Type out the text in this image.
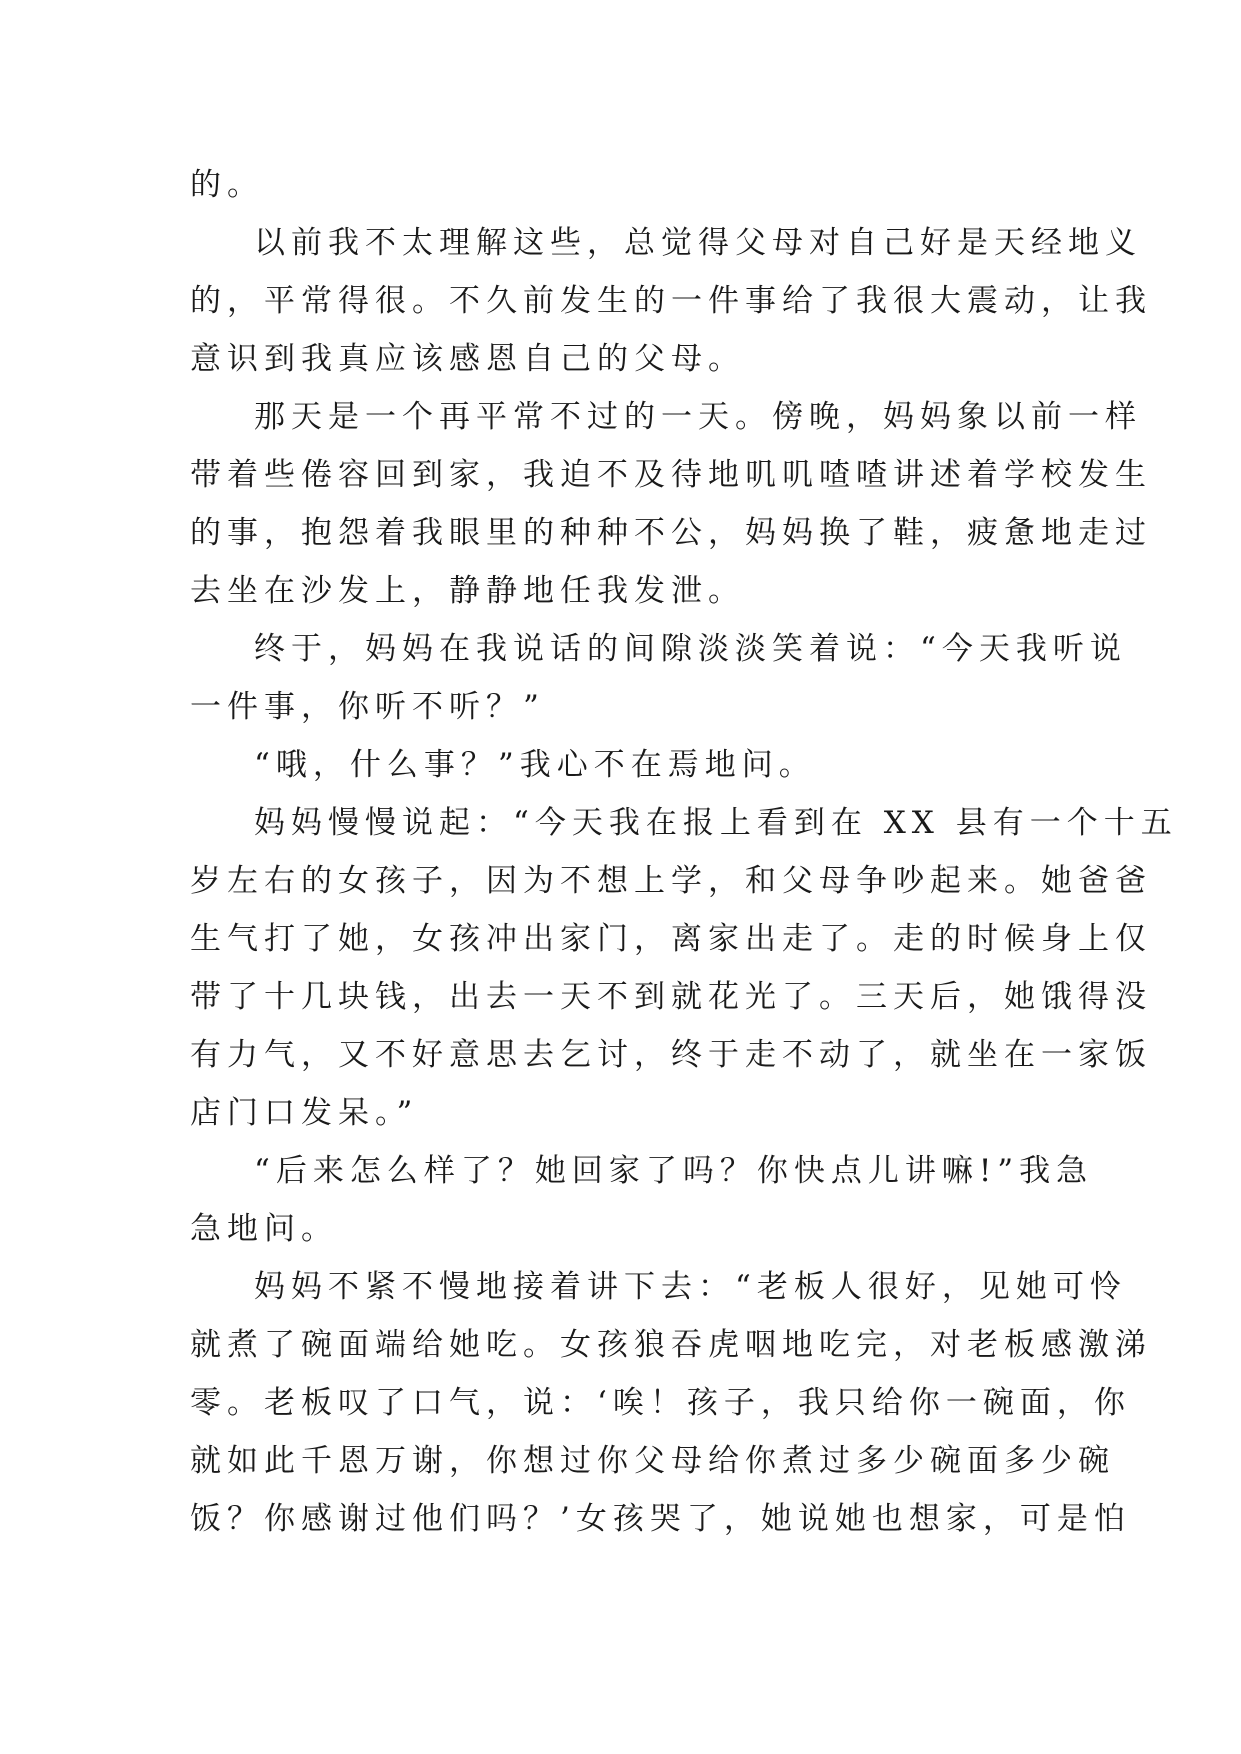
的。
以前我不太理解这些，总觉得父母对自己好是天经地义
的，平常得很。不久前发生的一件事给了我很大震动，让我
意识到我真应该感恩自己的父母。
那天是一个再平常不过的一天。傍晚，妈妈象以前一样
带着些倦容回到家，我迫不及待地叽叽喳喳讲述着学校发生
的事，抱怨着我眼里的种种不公，妈妈换了鞋，疲惫地走过
去坐在沙发上，静静地任我发泄。
终于，妈妈在我说话的间隙淡淡笑着说：“今天我听说
一件事，你听不听？”
“哦，什么事？”我心不在焉地问。
妈妈慢慢说起：“今天我在报上看到在 XX 县有一个十五
岁左右的女孩子，因为不想上学，和父母争吵起来。她爸爸
生气打了她，女孩冲出家门，离家出走了。走的时候身上仅
带了十几块钱，出去一天不到就花光了。三天后，她饿得没
有力气，又不好意思去乞讨，终于走不动了，就坐在一家饭
店门口发呆。”
“后来怎么样了？她回家了吗？你快点儿讲嘛!”我急
急地问。
妈妈不紧不慢地接着讲下去：“老板人很好，见她可怜
就煮了碗面端给她吃。女孩狼吞虎咽地吃完，对老板感激涕
零。老板叹了口气，说：‘唉！孩子，我只给你一碗面，你
就如此千恩万谢，你想过你父母给你煮过多少碗面多少碗
饭？你感谢过他们吗？’女孩哭了，她说她也想家，可是怕
